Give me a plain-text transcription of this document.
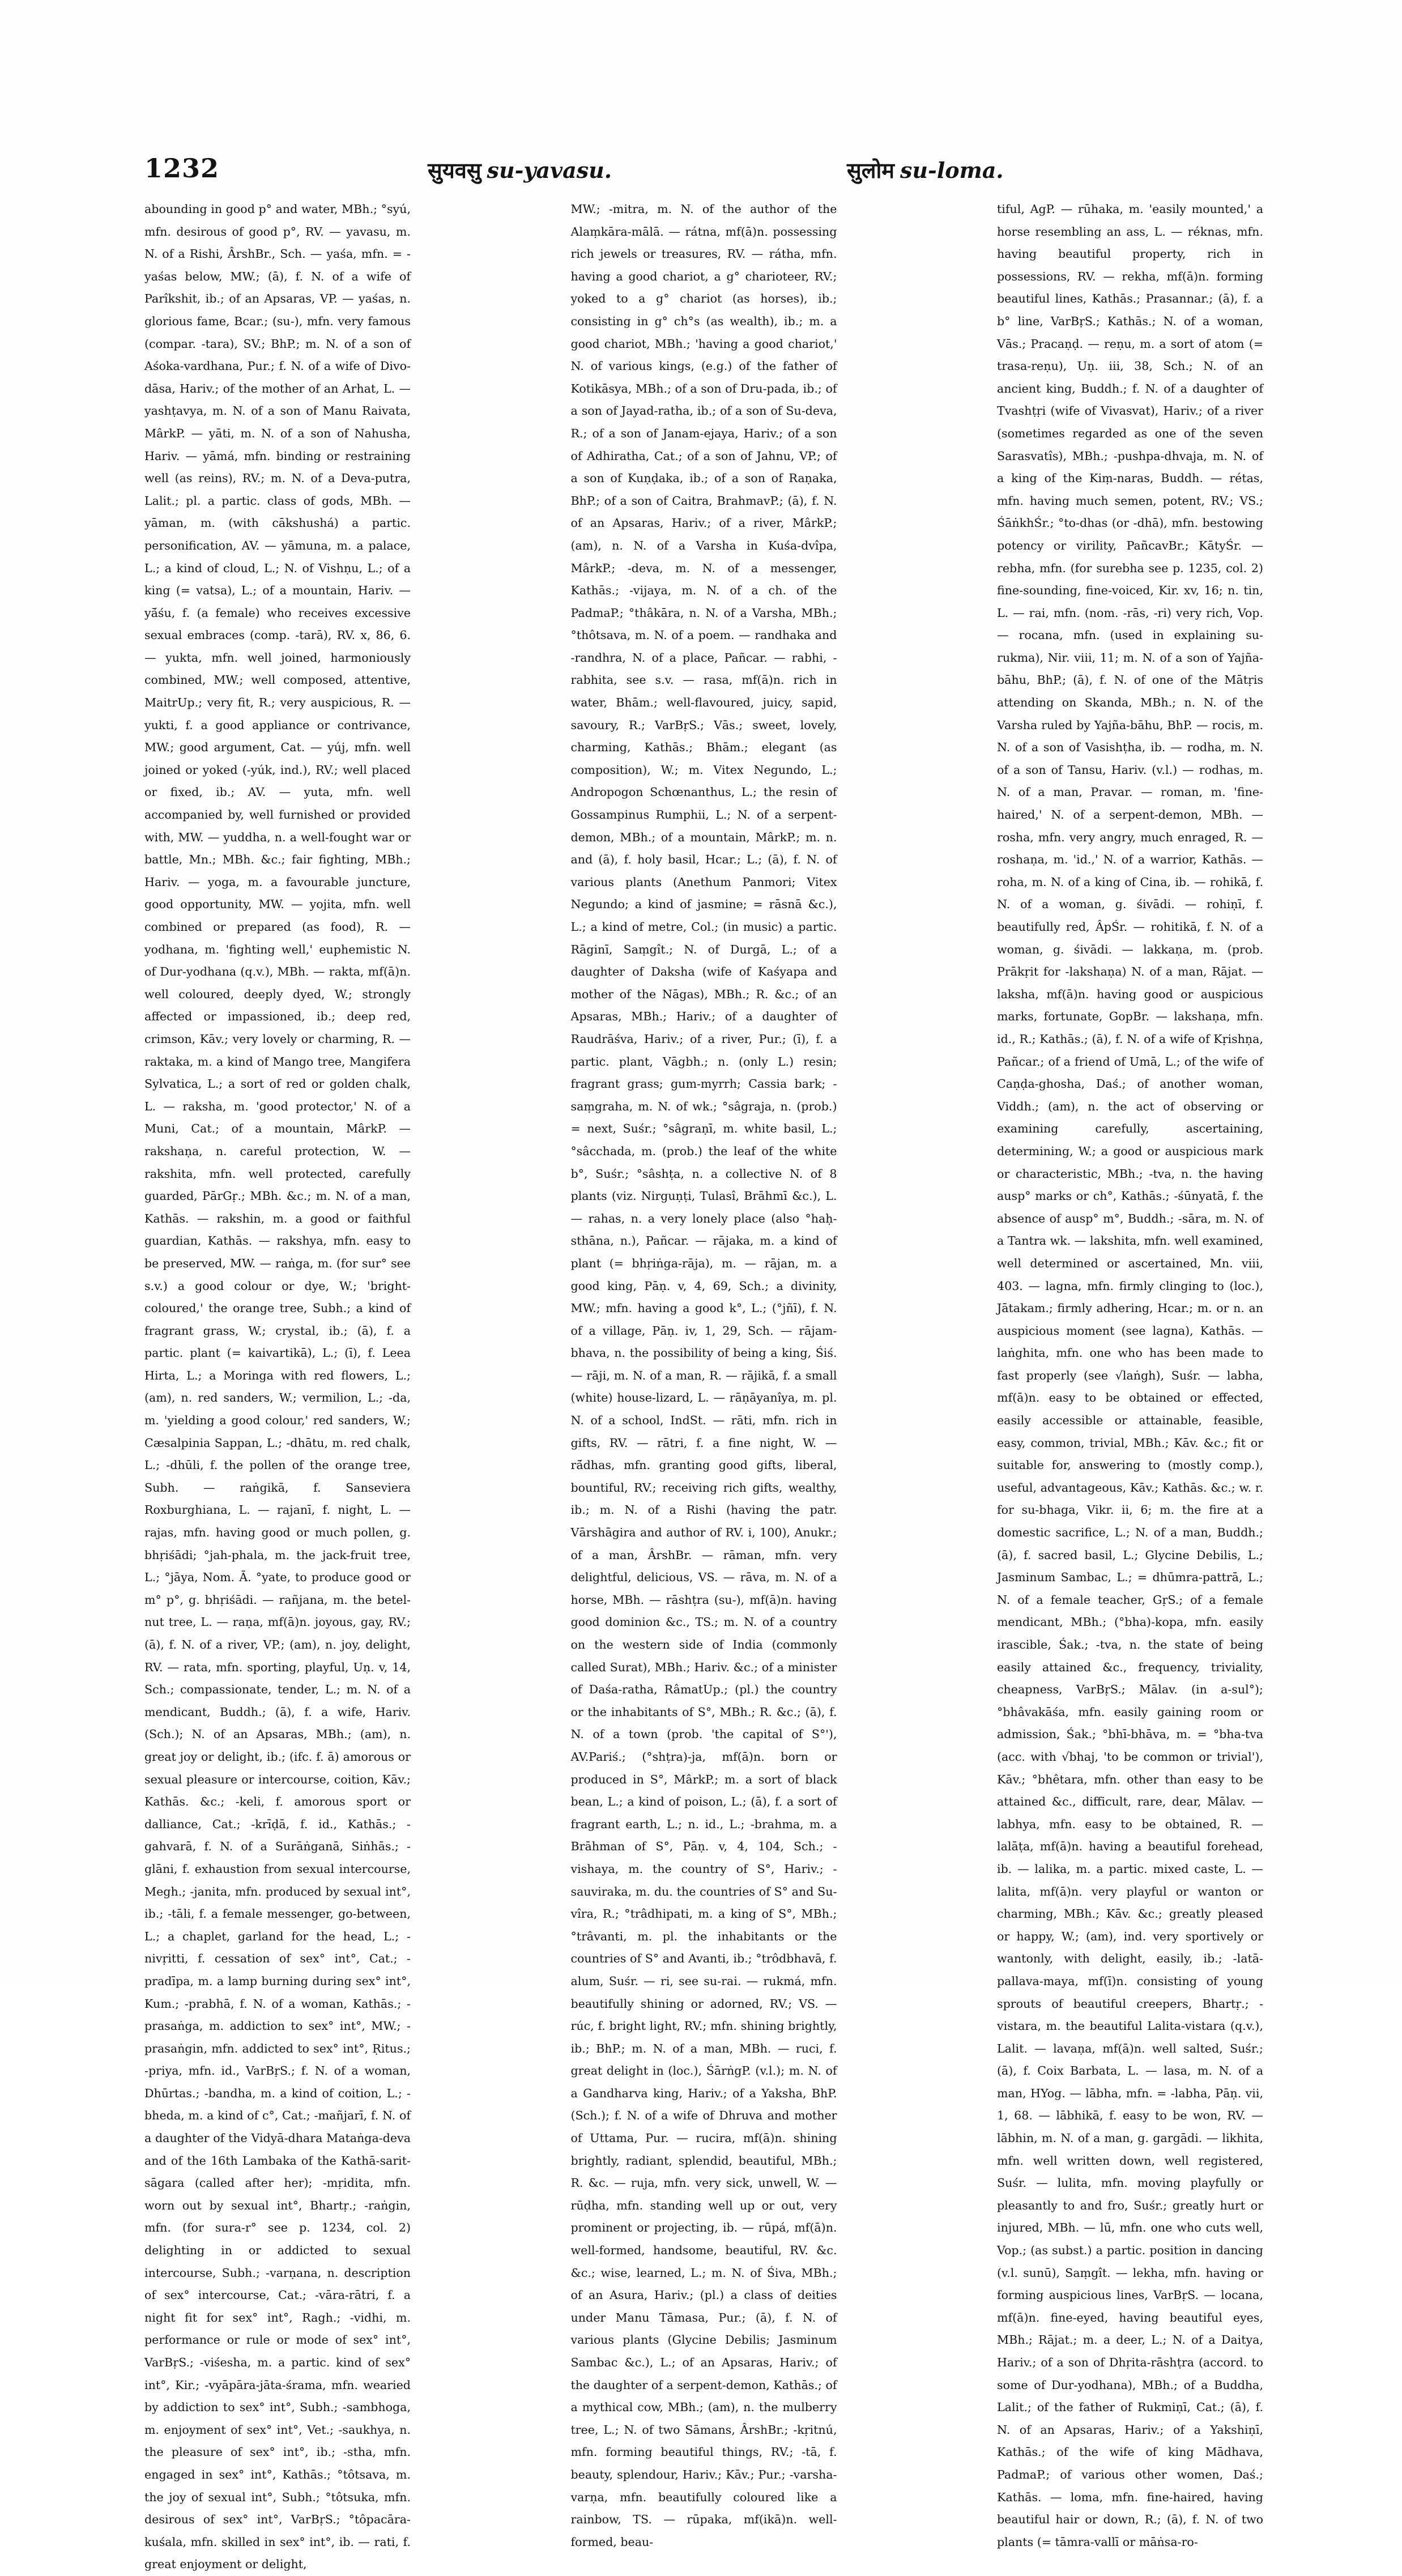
1232	सुयवसु su-yavasu.	सुलोम su-loma.
abounding in good p° and water, MBh.; °syú, mfn. desirous of good p°, RV. — yavasu, m. N. of a Rishi, ÂrshBr., Sch. — yaśa, mfn. = -yaśas below, MW.; (ā), f. N. of a wife of Parîkshit, ib.; of an Apsaras, VP. — yaśas, n. glorious fame, Bcar.; (su-), mfn. very famous (compar. -tara), SV.; BhP.; m. N. of a son of Aśoka-vardhana, Pur.; f. N. of a wife of Divo-dāsa, Hariv.; of the mother of an Arhat, L. — yashṭavya, m. N. of a son of Manu Raivata, MârkP. — yāti, m. N. of a son of Nahusha, Hariv. — yāmá, mfn. binding or restraining well (as reins), RV.; m. N. of a Deva-putra, Lalit.; pl. a partic. class of gods, MBh. — yāman, m. (with cākshushá) a partic. personification, AV. — yāmuna, m. a palace, L.; a kind of cloud, L.; N. of Vishṇu, L.; of a king (= vatsa), L.; of a mountain, Hariv. — yā́śu, f. (a female) who receives excessive sexual embraces (comp. -tarā), RV. x, 86, 6. — yukta, mfn. well joined, harmoniously combined, MW.; well composed, attentive, MaitrUp.; very fit, R.; very auspicious, R. — yukti, f. a good appliance or contrivance, MW.; good argument, Cat. — yúj, mfn. well joined or yoked (-yúk, ind.), RV.; well placed or fixed, ib.; AV. — yuta, mfn. well accompanied by, well furnished or provided with, MW. — yuddha, n. a well-fought war or battle, Mn.; MBh. &c.; fair fighting, MBh.; Hariv. — yoga, m. a favourable juncture, good opportunity, MW. — yojita, mfn. well combined or prepared (as food), R. — yodhana, m. 'fighting well,' euphemistic N. of Dur-yodhana (q.v.), MBh. — rakta, mf(ā)n. well coloured, deeply dyed, W.; strongly affected or impassioned, ib.; deep red, crimson, Kāv.; very lovely or charming, R. — raktaka, m. a kind of Mango tree, Mangifera Sylvatica, L.; a sort of red or golden chalk, L. — raksha, m. 'good protector,' N. of a Muni, Cat.; of a mountain, MârkP. — rakshaṇa, n. careful protection, W. — rakshita, mfn. well protected, carefully guarded, PārGṛ.; MBh. &c.; m. N. of a man, Kathās. — rakshin, m. a good or faithful guardian, Kathās. — rakshya, mfn. easy to be preserved, MW. — raṅga, m. (for sur° see s.v.) a good colour or dye, W.; 'bright-coloured,' the orange tree, Subh.; a kind of fragrant grass, W.; crystal, ib.; (ā), f. a partic. plant (= kaivartikā), L.; (ī), f. Leea Hirta, L.; a Moringa with red flowers, L.; (am), n. red sanders, W.; vermilion, L.; -da, m. 'yielding a good colour,' red sanders, W.; Cæsalpinia Sappan, L.; -dhātu, m. red chalk, L.; -dhūli, f. the pollen of the orange tree, Subh. — raṅgikā, f. Sanseviera Roxburghiana, L. — rajanī, f. night, L. — rajas, mfn. having good or much pollen, g. bhṛiśādi; °jah-phala, m. the jack-fruit tree, L.; °jāya, Nom. Ā. °yate, to produce good or m° p°, g. bhṛiśādi. — rañjana, m. the betel-nut tree, L. — raṇa, mf(ā)n. joyous, gay, RV.; (ā), f. N. of a river, VP.; (am), n. joy, delight, RV. — rata, mfn. sporting, playful, Uṇ. v, 14, Sch.; compassionate, tender, L.; m. N. of a mendicant, Buddh.; (ā), f. a wife, Hariv. (Sch.); N. of an Apsaras, MBh.; (am), n. great joy or delight, ib.; (ifc. f. ā) amorous or sexual pleasure or intercourse, coition, Kāv.; Kathās. &c.; -keli, f. amorous sport or dalliance, Cat.; -krīḍā, f. id., Kathās.; -gahvarā, f. N. of a Surāṅganā, Siṅhās.; -glāni, f. exhaustion from sexual intercourse, Megh.; -janita, mfn. produced by sexual int°, ib.; -tāli, f. a female messenger, go-between, L.; a chaplet, garland for the head, L.; -nivṛitti, f. cessation of sex° int°, Cat.; -pradīpa, m. a lamp burning during sex° int°, Kum.; -prabhā, f. N. of a woman, Kathās.; -prasaṅga, m. addiction to sex° int°, MW.; -prasaṅgin, mfn. addicted to sex° int°, Ṛitus.; -priya, mfn. id., VarBṛS.; f. N. of a woman, Dhūrtas.; -bandha, m. a kind of coition, L.; -bheda, m. a kind of c°, Cat.; -mañjarī, f. N. of a daughter of the Vidyā-dhara Mataṅga-deva and of the 16th Lambaka of the Kathā-sarit-sāgara (called after her); -mṛidita, mfn. worn out by sexual int°, Bhartṛ.; -raṅgin, mfn. (for sura-r° see p. 1234, col. 2) delighting in or addicted to sexual intercourse, Subh.; -varṇana, n. description of sex° intercourse, Cat.; -vāra-rātri, f. a night fit for sex° int°, Ragh.; -vidhi, m. performance or rule or mode of sex° int°, VarBṛS.; -viśesha, m. a partic. kind of sex° int°, Kir.; -vyāpāra-jāta-śrama, mfn. wearied by addiction to sex° int°, Subh.; -sambhoga, m. enjoyment of sex° int°, Vet.; -saukhya, n. the pleasure of sex° int°, ib.; -stha, mfn. engaged in sex° int°, Kathās.; °tôtsava, m. the joy of sexual int°, Subh.; °tôtsuka, mfn. desirous of sex° int°, VarBṛS.; °tôpacāra-kuśala, mfn. skilled in sex° int°, ib. — rati, f. great enjoyment or delight,
MW.; -mitra, m. N. of the author of the Alaṃkāra-mālā. — rátna, mf(ā)n. possessing rich jewels or treasures, RV. — rátha, mfn. having a good chariot, a g° charioteer, RV.; yoked to a g° chariot (as horses), ib.; consisting in g° ch°s (as wealth), ib.; m. a good chariot, MBh.; 'having a good chariot,' N. of various kings, (e.g.) of the father of Kotikāsya, MBh.; of a son of Dru-pada, ib.; of a son of Jayad-ratha, ib.; of a son of Su-deva, R.; of a son of Janam-ejaya, Hariv.; of a son of Adhiratha, Cat.; of a son of Jahnu, VP.; of a son of Kuṇḍaka, ib.; of a son of Raṇaka, BhP.; of a son of Caitra, BrahmavP.; (ā), f. N. of an Apsaras, Hariv.; of a river, MârkP.; (am), n. N. of a Varsha in Kuśa-dvîpa, MârkP.; -deva, m. N. of a messenger, Kathās.; -vijaya, m. N. of a ch. of the PadmaP.; °thâkāra, n. N. of a Varsha, MBh.; °thôtsava, m. N. of a poem. — randhaka and -randhra, N. of a place, Pañcar. — rabhi, -rabhita, see s.v. — rasa, mf(ā)n. rich in water, Bhām.; well-flavoured, juicy, sapid, savoury, R.; VarBṛS.; Vās.; sweet, lovely, charming, Kathās.; Bhām.; elegant (as composition), W.; m. Vitex Negundo, L.; Andropogon Schœnanthus, L.; the resin of Gossampinus Rumphii, L.; N. of a serpent-demon, MBh.; of a mountain, MârkP.; m. n. and (ā), f. holy basil, Hcar.; L.; (ā), f. N. of various plants (Anethum Panmori; Vitex Negundo; a kind of jasmine; = rāsnā &c.), L.; a kind of metre, Col.; (in music) a partic. Rāginī, Saṃgît.; N. of Durgā, L.; of a daughter of Daksha (wife of Kaśyapa and mother of the Nāgas), MBh.; R. &c.; of an Apsaras, MBh.; Hariv.; of a daughter of Raudrāśva, Hariv.; of a river, Pur.; (ī), f. a partic. plant, Vāgbh.; n. (only L.) resin; fragrant grass; gum-myrrh; Cassia bark; -saṃgraha, m. N. of wk.; °sâgraja, n. (prob.) = next, Suśr.; °sâgraṇī, m. white basil, L.; °sâcchada, m. (prob.) the leaf of the white b°, Suśr.; °sâshṭa, n. a collective N. of 8 plants (viz. Nirguṇṭi, Tulasî, Brāhmī &c.), L. — rahas, n. a very lonely place (also °haḥ-sthāna, n.), Pañcar. — rājaka, m. a kind of plant (= bhṛiṅga-rāja), m. — rājan, m. a good king, Pāṇ. v, 4, 69, Sch.; a divinity, MW.; mfn. having a good k°, L.; (°jñī), f. N. of a village, Pāṇ. iv, 1, 29, Sch. — rājam-bhava, n. the possibility of being a king, Śiś. — rāji, m. N. of a man, R. — rājikā, f. a small (white) house-lizard, L. — rāṇāyanîya, m. pl. N. of a school, IndSt. — rāti, mfn. rich in gifts, RV. — rātri, f. a fine night, W. — rā́dhas, mfn. granting good gifts, liberal, bountiful, RV.; receiving rich gifts, wealthy, ib.; m. N. of a Rishi (having the patr. Vārshāgira and author of RV. i, 100), Anukr.; of a man, ÂrshBr. — rāman, mfn. very delightful, delicious, VS. — rāva, m. N. of a horse, MBh. — rāshṭra (su-), mf(ā)n. having good dominion &c., TS.; m. N. of a country on the western side of India (commonly called Surat), MBh.; Hariv. &c.; of a minister of Daśa-ratha, RâmatUp.; (pl.) the country or the inhabitants of S°, MBh.; R. &c.; (ā), f. N. of a town (prob. 'the capital of S°'), AV.Pariś.; (°shṭra)-ja, mf(ā)n. born or produced in S°, MârkP.; m. a sort of black bean, L.; a kind of poison, L.; (ā), f. a sort of fragrant earth, L.; n. id., L.; -brahma, m. a Brāhman of S°, Pāṇ. v, 4, 104, Sch.; -vishaya, m. the country of S°, Hariv.; -sauviraka, m. du. the countries of S° and Su-vîra, R.; °trâdhipati, m. a king of S°, MBh.; °trâvanti, m. pl. the inhabitants or the countries of S° and Avanti, ib.; °trôdbhavā, f. alum, Suśr. — ri, see su-rai. — rukmá, mfn. beautifully shining or adorned, RV.; VS. — rúc, f. bright light, RV.; mfn. shining brightly, ib.; BhP.; m. N. of a man, MBh. — ruci, f. great delight in (loc.), ŚārṅgP. (v.l.); m. N. of a Gandharva king, Hariv.; of a Yaksha, BhP. (Sch.); f. N. of a wife of Dhruva and mother of Uttama, Pur. — rucira, mf(ā)n. shining brightly, radiant, splendid, beautiful, MBh.; R. &c. — ruja, mfn. very sick, unwell, W. — rūḍha, mfn. standing well up or out, very prominent or projecting, ib. — rūpá, mf(ā)n. well-formed, handsome, beautiful, RV. &c. &c.; wise, learned, L.; m. N. of Śiva, MBh.; of an Asura, Hariv.; (pl.) a class of deities under Manu Tāmasa, Pur.; (ā), f. N. of various plants (Glycine Debilis; Jasminum Sambac &c.), L.; of an Apsaras, Hariv.; of the daughter of a serpent-demon, Kathās.; of a mythical cow, MBh.; (am), n. the mulberry tree, L.; N. of two Sāmans, ÂrshBr.; -kṛitnú, mfn. forming beautiful things, RV.; -tā, f. beauty, splendour, Hariv.; Kāv.; Pur.; -varsha-varṇa, mfn. beautifully coloured like a rainbow, TS. — rūpaka, mf(ikā)n. well-formed, beau-
tiful, AgP. — rūhaka, m. 'easily mounted,' a horse resembling an ass, L. — réknas, mfn. having beautiful property, rich in possessions, RV. — rekha, mf(ā)n. forming beautiful lines, Kathās.; Prasannar.; (ā), f. a b° line, VarBṛS.; Kathās.; N. of a woman, Vās.; Pracaṇḍ. — reṇu, m. a sort of atom (= trasa-reṇu), Uṇ. iii, 38, Sch.; N. of an ancient king, Buddh.; f. N. of a daughter of Tvashṭṛi (wife of Vivasvat), Hariv.; of a river (sometimes regarded as one of the seven Sarasvatîs), MBh.; -pushpa-dhvaja, m. N. of a king of the Kiṃ-naras, Buddh. — rétas, mfn. having much semen, potent, RV.; VS.; ŚāṅkhŚr.; °to-dhas (or -dhā), mfn. bestowing potency or virility, PañcavBr.; KātyŚr. — rebha, mfn. (for surebha see p. 1235, col. 2) fine-sounding, fine-voiced, Kir. xv, 16; n. tin, L. — rai, mfn. (nom. -rās, -ri) very rich, Vop. — rocana, mfn. (used in explaining su-rukma), Nir. viii, 11; m. N. of a son of Yajña-bāhu, BhP.; (ā), f. N. of one of the Mātṛis attending on Skanda, MBh.; n. N. of the Varsha ruled by Yajña-bāhu, BhP. — rocis, m. N. of a son of Vasishṭha, ib. — rodha, m. N. of a son of Tansu, Hariv. (v.l.) — rodhas, m. N. of a man, Pravar. — roman, m. 'fine-haired,' N. of a serpent-demon, MBh. — rosha, mfn. very angry, much enraged, R. — roshaṇa, m. 'id.,' N. of a warrior, Kathās. — roha, m. N. of a king of Cina, ib. — rohikā, f. N. of a woman, g. śivādi. — rohiṇī, f. beautifully red, ÂpŚr. — rohitikā, f. N. of a woman, g. śivādi. — lakkaṇa, m. (prob. Prākṛit for -lakshaṇa) N. of a man, Rājat. — laksha, mf(ā)n. having good or auspicious marks, fortunate, GopBr. — lakshaṇa, mfn. id., R.; Kathās.; (ā), f. N. of a wife of Kṛishṇa, Pañcar.; of a friend of Umā, L.; of the wife of Caṇḍa-ghosha, Daś.; of another woman, Viddh.; (am), n. the act of observing or examining carefully, ascertaining, determining, W.; a good or auspicious mark or characteristic, MBh.; -tva, n. the having ausp° marks or ch°, Kathās.; -śūnyatā, f. the absence of ausp° m°, Buddh.; -sāra, m. N. of a Tantra wk. — lakshita, mfn. well examined, well determined or ascertained, Mn. viii, 403. — lagna, mfn. firmly clinging to (loc.), Jātakam.; firmly adhering, Hcar.; m. or n. an auspicious moment (see lagna), Kathās. — laṅghita, mfn. one who has been made to fast properly (see √laṅgh), Suśr. — labha, mf(ā)n. easy to be obtained or effected, easily accessible or attainable, feasible, easy, common, trivial, MBh.; Kāv. &c.; fit or suitable for, answering to (mostly comp.), useful, advantageous, Kāv.; Kathās. &c.; w. r. for su-bhaga, Vikr. ii, 6; m. the fire at a domestic sacrifice, L.; N. of a man, Buddh.; (ā), f. sacred basil, L.; Glycine Debilis, L.; Jasminum Sambac, L.; = dhūmra-pattrā, L.; N. of a female teacher, GṛS.; of a female mendicant, MBh.; (°bha)-kopa, mfn. easily irascible, Śak.; -tva, n. the state of being easily attained &c., frequency, triviality, cheapness, VarBṛS.; Mālav. (in a-sul°); °bhâvakāśa, mfn. easily gaining room or admission, Śak.; °bhī-bhāva, m. = °bha-tva (acc. with √bhaj, 'to be common or trivial'), Kāv.; °bhêtara, mfn. other than easy to be attained &c., difficult, rare, dear, Mālav. — labhya, mfn. easy to be obtained, R. — lalāṭa, mf(ā)n. having a beautiful forehead, ib. — lalika, m. a partic. mixed caste, L. — lalita, mf(ā)n. very playful or wanton or charming, MBh.; Kāv. &c.; greatly pleased or happy, W.; (am), ind. very sportively or wantonly, with delight, easily, ib.; -latā-pallava-maya, mf(ī)n. consisting of young sprouts of beautiful creepers, Bhartṛ.; -vistara, m. the beautiful Lalita-vistara (q.v.), Lalit. — lavaṇa, mf(ā)n. well salted, Suśr.; (ā), f. Coix Barbata, L. — lasa, m. N. of a man, HYog. — lābha, mfn. = -labha, Pāṇ. vii, 1, 68. — lābhikā, f. easy to be won, RV. — lābhin, m. N. of a man, g. gargādi. — likhita, mfn. well written down, well registered, Suśr. — lulita, mfn. moving playfully or pleasantly to and fro, Suśr.; greatly hurt or injured, MBh. — lū, mfn. one who cuts well, Vop.; (as subst.) a partic. position in dancing (v.l. sunū), Saṃgît. — lekha, mfn. having or forming auspicious lines, VarBṛS. — locana, mf(ā)n. fine-eyed, having beautiful eyes, MBh.; Rājat.; m. a deer, L.; N. of a Daitya, Hariv.; of a son of Dhṛita-rāshṭra (accord. to some of Dur-yodhana), MBh.; of a Buddha, Lalit.; of the father of Rukmiṇī, Cat.; (ā), f. N. of an Apsaras, Hariv.; of a Yakshiṇī, Kathās.; of the wife of king Mādhava, PadmaP.; of various other women, Daś.; Kathās. — loma, mfn. fine-haired, having beautiful hair or down, R.; (ā), f. N. of two plants (= tāmra-vallī or māṅsa-ro-
